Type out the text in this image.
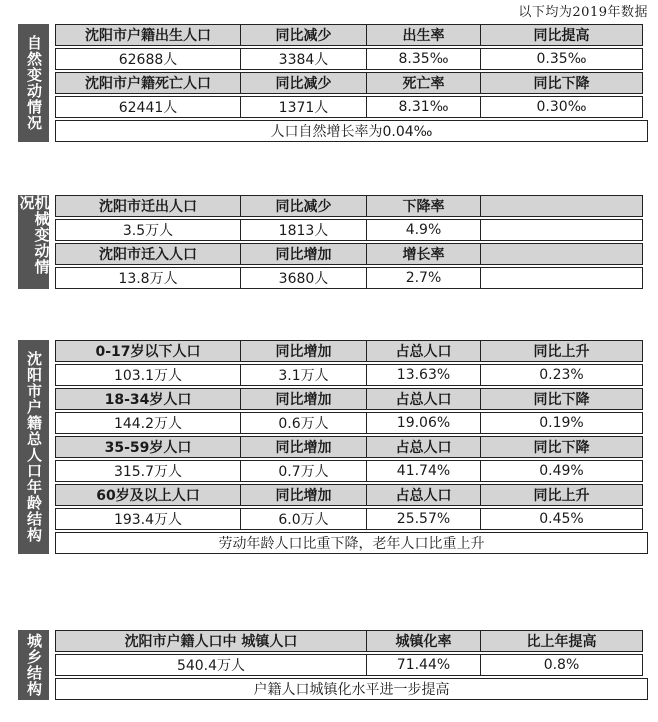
以下均为2019年数据
自然变动情况	沈阳市户籍出生人口	同比减少	出生率	同比提高
62688人	3384人	8.35‰	0.35‰
沈阳市户籍死亡人口	同比减少	死亡率	同比下降
62441人	1371人	8.31‰	0.30‰
人口自然增长率为0.04‰
机械变动情况	沈阳市迁出人口	同比减少	下降率
3.5万人	1813人	4.9%
沈阳市迁入人口	同比增加	增长率
13.8万人	3680人	2.7%
沈阳市户籍总人口年龄结构	0-17岁以下人口	同比增加	占总人口	同比上升
103.1万人	3.1万人	13.63%	0.23%
18-34岁人口	同比增加	占总人口	同比下降
144.2万人	0.6万人	19.06%	0.19%
35-59岁人口	同比增加	占总人口	同比下降
315.7万人	0.7万人	41.74%	0.49%
60岁及以上人口	同比增加	占总人口	同比上升
193.4万人	6.0万人	25.57%	0.45%
劳动年龄人口比重下降，老年人口比重上升
城乡结构	沈阳市户籍人口中 城镇人口	城镇化率	比上年提高
540.4万人	71.44%	0.8%
户籍人口城镇化水平进一步提高
